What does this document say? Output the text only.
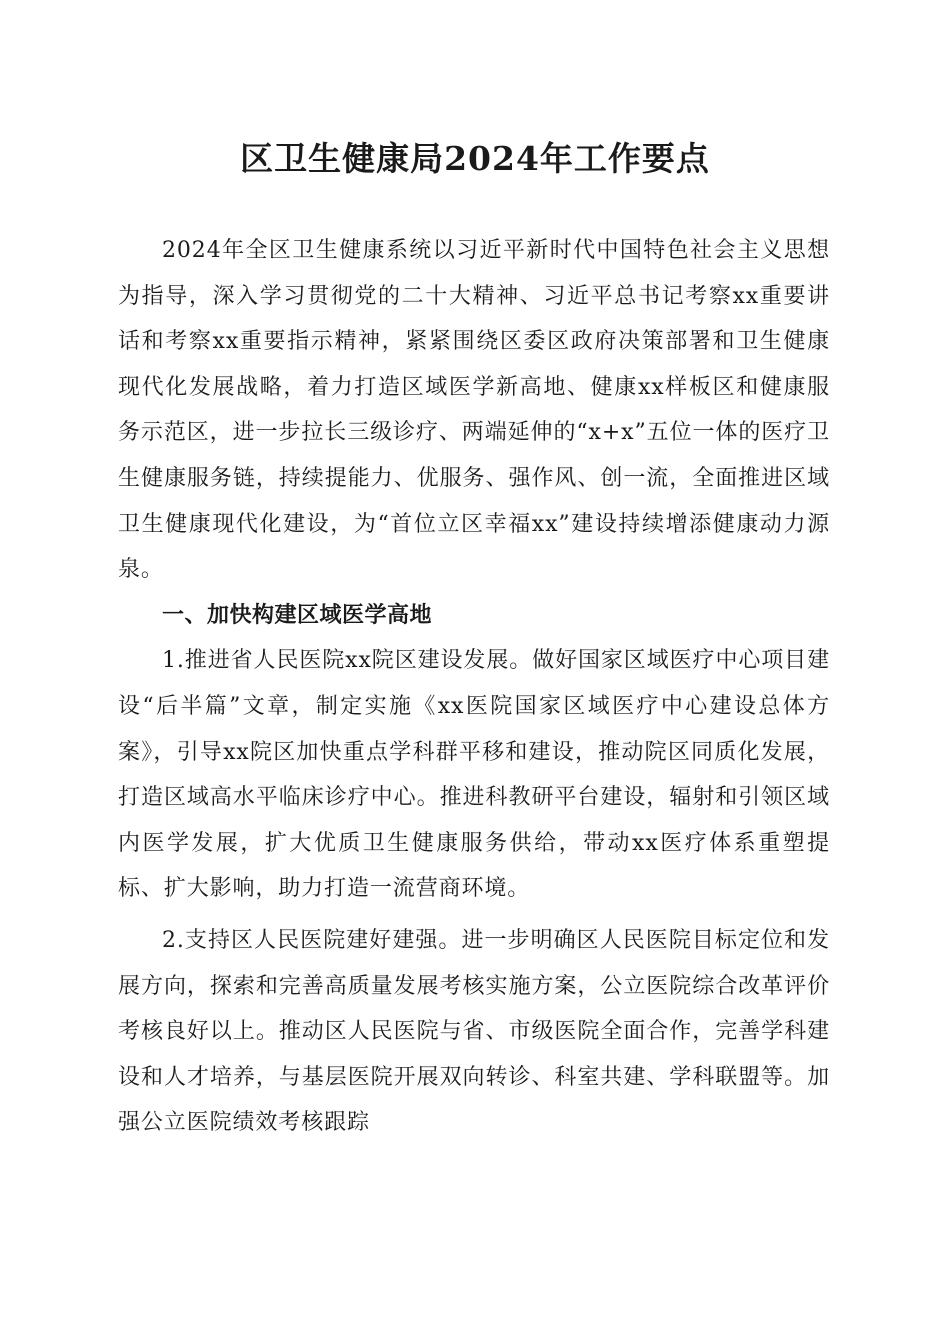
区卫生健康局2024年工作要点

2024年全区卫生健康系统以习近平新时代中国特色社会主义思想为指导，深入学习贯彻党的二十大精神、习近平总书记考察xx重要讲话和考察xx重要指示精神，紧紧围绕区委区政府决策部署和卫生健康现代化发展战略，着力打造区域医学新高地、健康xx样板区和健康服务示范区，进一步拉长三级诊疗、两端延伸的“x+x”五位一体的医疗卫生健康服务链，持续提能力、优服务、强作风、创一流，全面推进区域卫生健康现代化建设，为“首位立区幸福xx”建设持续增添健康动力源泉。

一、加快构建区域医学高地

1.推进省人民医院xx院区建设发展。做好国家区域医疗中心项目建设“后半篇”文章，制定实施《xx医院国家区域医疗中心建设总体方案》，引导xx院区加快重点学科群平移和建设，推动院区同质化发展，打造区域高水平临床诊疗中心。推进科教研平台建设，辐射和引领区域内医学发展，扩大优质卫生健康服务供给，带动xx医疗体系重塑提标、扩大影响，助力打造一流营商环境。

2.支持区人民医院建好建强。进一步明确区人民医院目标定位和发展方向，探索和完善高质量发展考核实施方案，公立医院综合改革评价考核良好以上。推动区人民医院与省、市级医院全面合作，完善学科建设和人才培养，与基层医院开展双向转诊、科室共建、学科联盟等。加强公立医院绩效考核跟踪
